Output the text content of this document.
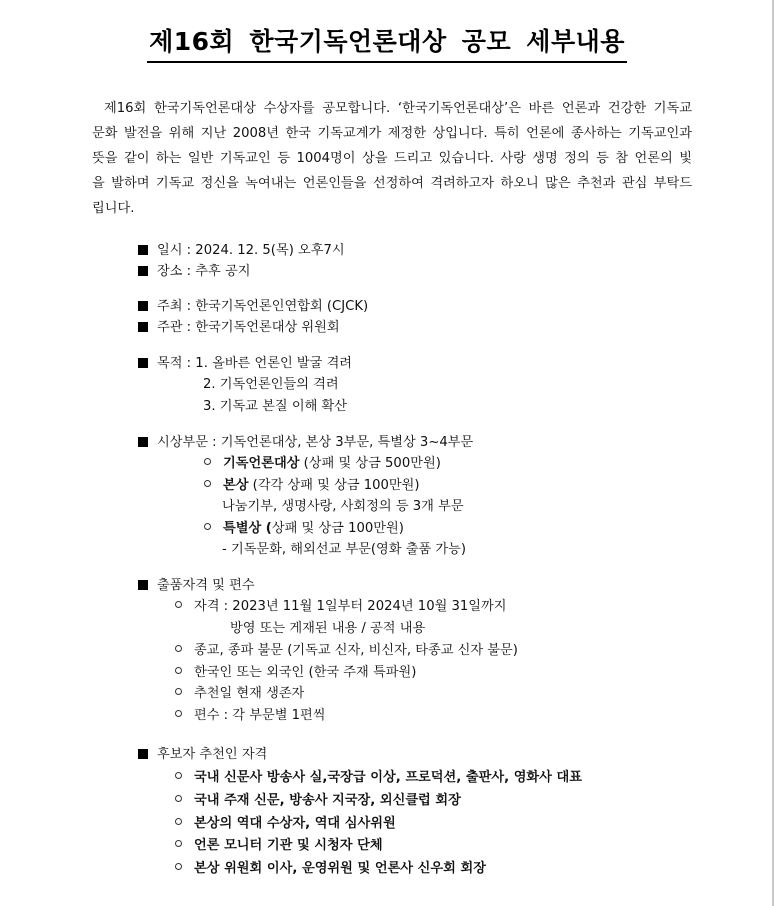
제16회 한국기독언론대상 공모 세부내용
제16회 한국기독언론대상 수상자를 공모합니다. ‘한국기독언론대상’은 바른 언론과 건강한 기독교 문화 발전을 위해 지난 2008년 한국 기독교계가 제정한 상입니다. 특히 언론에 종사하는 기독교인과 뜻을 같이 하는 일반 기독교인 등 1004명이 상을 드리고 있습니다. 사랑 생명 정의 등 참 언론의 빛을 발하며 기독교 정신을 녹여내는 언론인들을 선정하여 격려하고자 하오니 많은 추천과 관심 부탁드립니다.
일시 : 2024. 12. 5(목) 오후7시
장소 : 추후 공지
주최 : 한국기독언론인연합회 (CJCK)
주관 : 한국기독언론대상 위원회
목적 : 1. 올바른 언론인 발굴 격려
2. 기독언론인들의 격려
3. 기독교 본질 이해 확산
시상부문 : 기독언론대상, 본상 3부문, 특별상 3~4부문
기독언론대상 (상패 및 상금 500만원)
본상 (각각 상패 및 상금 100만원)
나눔기부, 생명사랑, 사회정의 등 3개 부문
특별상 (상패 및 상금 100만원)
- 기독문화, 해외선교 부문(영화 출품 가능)
출품자격 및 편수
자격 : 2023년 11월 1일부터 2024년 10월 31일까지
방영 또는 게재된 내용 / 공적 내용
종교, 종파 불문 (기독교 신자, 비신자, 타종교 신자 불문)
한국인 또는 외국인 (한국 주재 특파원)
추천일 현재 생존자
편수 : 각 부문별 1편씩
후보자 추천인 자격
국내 신문사 방송사 실,국장급 이상, 프로덕션, 출판사, 영화사 대표
국내 주재 신문, 방송사 지국장, 외신클럽 회장
본상의 역대 수상자, 역대 심사위원
언론 모니터 기관 및 시청자 단체
본상 위원회 이사, 운영위원 및 언론사 신우회 회장
